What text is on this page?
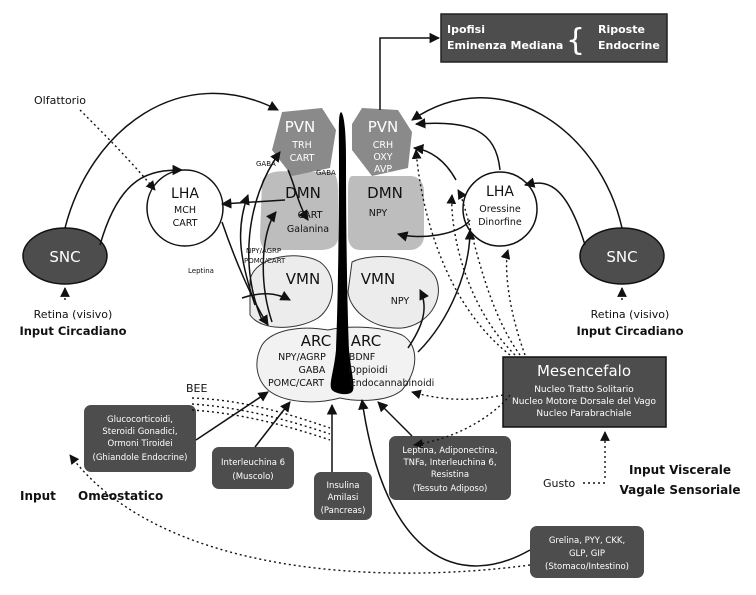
Ipofisi
Eminenza Mediana { Riposte
Endocrine
PVN
TRH
CART
PVN
CRH
OXY
AVP
DMN
CART
Galanina
DMN
NPY
LHA
MCH
CART
LHA
Oressine
Dinorfine
VMN	VMN
NPY
ARC
NPY/AGRP
GABA
POMC/CART
ARC
BDNF
Oppioidi
Endocannabinoidi
GABA
GABA
NPY/AGRP
POMC/CART
Leptina
SNC	SNC
Retina (visivo)
Input Circadiano
Retina (visivo)
Input Circadiano
Olfattorio
BEE
Mesencefalo
Nucleo Tratto Solitario
Nucleo Motore Dorsale del Vago
Nucleo Parabrachiale
Glucocorticoidi,
Steroidi Gonadici,
Ormoni Tiroidei
(Ghiandole Endocrine)	Interleuchina 6
(Muscolo)
Insulina
Amilasi
(Pancreas)
Leptina, Adiponectina,
TNFa, Interleuchina 6,
Resistina
(Tessuto Adiposo)
Grelina, PYY, CKK,
GLP, GIP
(Stomaco/Intestino)
Input Omeostatico
Input Viscerale
Vagale Sensoriale
Gusto
